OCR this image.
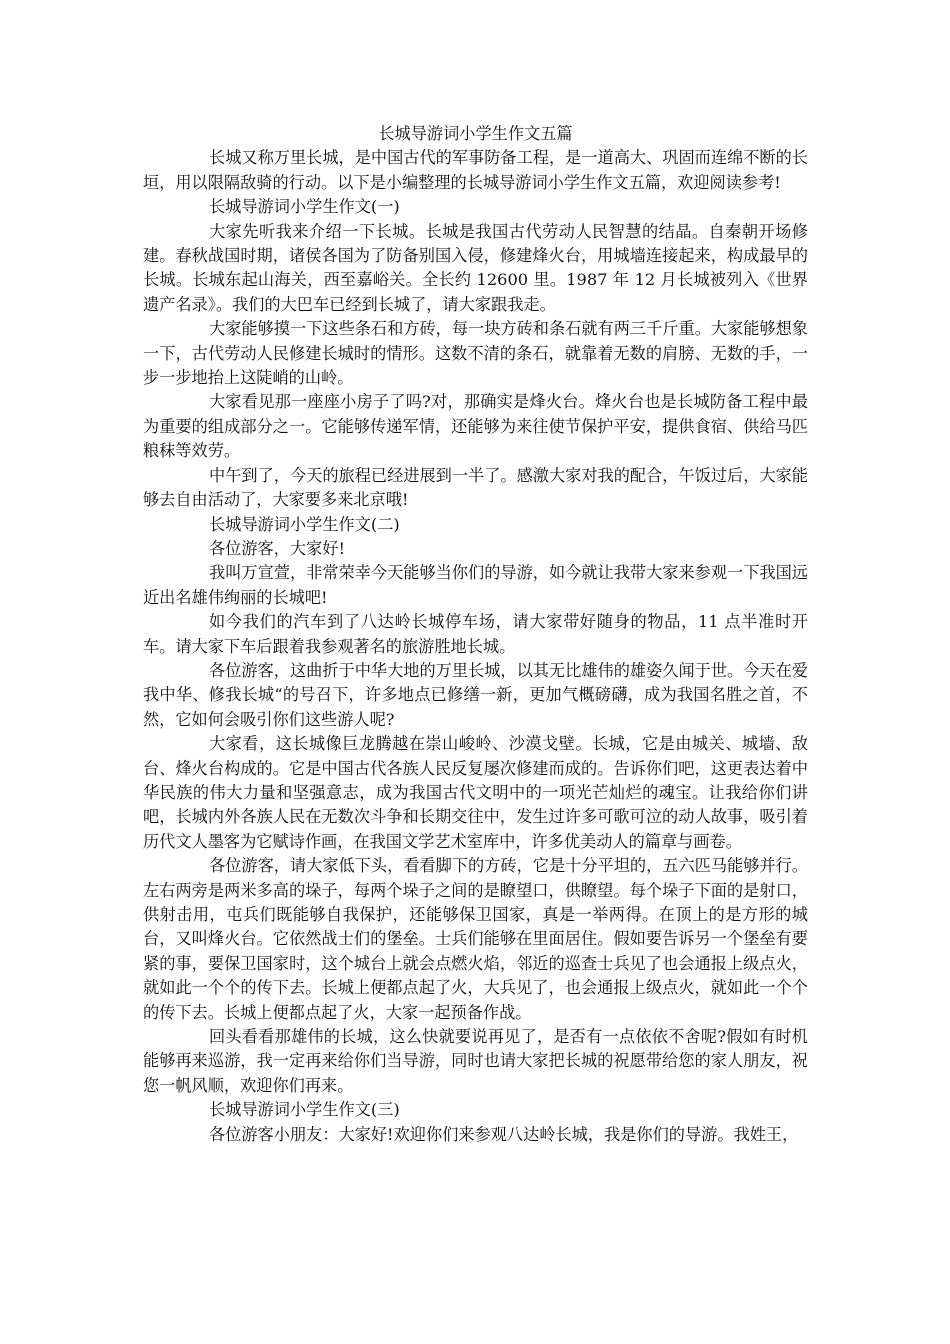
长城导游词小学生作文五篇

长城又称万里长城，是中国古代的军事防备工程，是一道高大、巩固而连绵不断的长垣，用以限隔敌骑的行动。以下是小编整理的长城导游词小学生作文五篇，欢迎阅读参考!

长城导游词小学生作文(一)

大家先听我来介绍一下长城。长城是我国古代劳动人民智慧的结晶。自秦朝开场修建。春秋战国时期，诸侯各国为了防备别国入侵，修建烽火台，用城墙连接起来，构成最早的长城。长城东起山海关，西至嘉峪关。全长约 12600 里。1987 年 12 月长城被列入《世界遗产名录》。我们的大巴车已经到长城了，请大家跟我走。

大家能够摸一下这些条石和方砖，每一块方砖和条石就有两三千斤重。大家能够想象一下，古代劳动人民修建长城时的情形。这数不清的条石，就靠着无数的肩膀、无数的手，一步一步地抬上这陡峭的山岭。

大家看见那一座座小房子了吗?对，那确实是烽火台。烽火台也是长城防备工程中最为重要的组成部分之一。它能够传递军情，还能够为来往使节保护平安，提供食宿、供给马匹粮秣等效劳。

中午到了，今天的旅程已经进展到一半了。感激大家对我的配合，午饭过后，大家能够去自由活动了，大家要多来北京哦!

长城导游词小学生作文(二)

各位游客，大家好!

我叫万宣萱，非常荣幸今天能够当你们的导游，如今就让我带大家来参观一下我国远近出名雄伟绚丽的长城吧!

如今我们的汽车到了八达岭长城停车场，请大家带好随身的物品，11 点半准时开车。请大家下车后跟着我参观著名的旅游胜地长城。

各位游客，这曲折于中华大地的万里长城，以其无比雄伟的雄姿久闻于世。今天在爱我中华、修我长城“的号召下，许多地点已修缮一新，更加气概磅礴，成为我国名胜之首，不然，它如何会吸引你们这些游人呢?

大家看，这长城像巨龙腾越在崇山峻岭、沙漠戈壁。长城，它是由城关、城墙、敌台、烽火台构成的。它是中国古代各族人民反复屡次修建而成的。告诉你们吧，这更表达着中华民族的伟大力量和坚强意志，成为我国古代文明中的一项光芒灿烂的魂宝。让我给你们讲吧，长城内外各族人民在无数次斗争和长期交往中，发生过许多可歌可泣的动人故事，吸引着历代文人墨客为它赋诗作画，在我国文学艺术室库中，许多优美动人的篇章与画卷。

各位游客，请大家低下头，看看脚下的方砖，它是十分平坦的，五六匹马能够并行。左右两旁是两米多高的垛子，每两个垛子之间的是瞭望口，供瞭望。每个垛子下面的是射口，供射击用，屯兵们既能够自我保护，还能够保卫国家，真是一举两得。在顶上的是方形的城台，又叫烽火台。它依然战士们的堡垒。士兵们能够在里面居住。假如要告诉另一个堡垒有要紧的事，要保卫国家时，这个城台上就会点燃火焰，邻近的巡查士兵见了也会通报上级点火，就如此一个个的传下去。长城上便都点起了火，大兵见了，也会通报上级点火，就如此一个个的传下去。长城上便都点起了火，大家一起预备作战。

回头看看那雄伟的长城，这么快就要说再见了，是否有一点依依不舍呢?假如有时机能够再来巡游，我一定再来给你们当导游，同时也请大家把长城的祝愿带给您的家人朋友，祝您一帆风顺，欢迎你们再来。

长城导游词小学生作文(三)

各位游客小朋友：大家好!欢迎你们来参观八达岭长城，我是你们的导游。我姓王，
